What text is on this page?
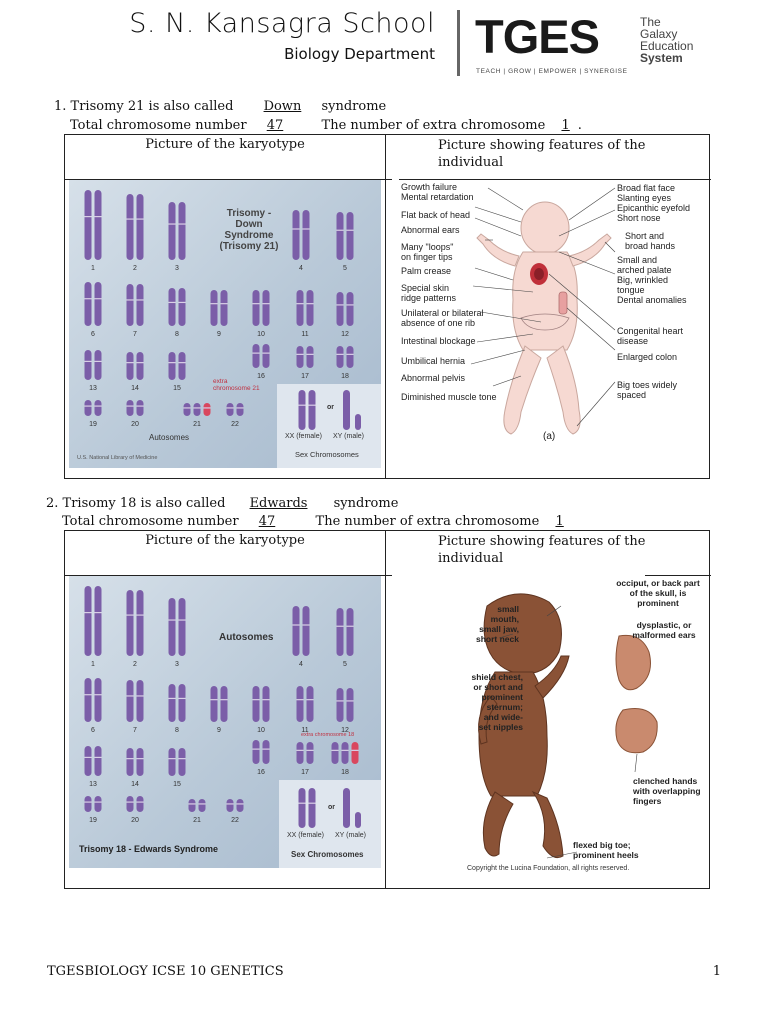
S. N. Kansagra School
Biology Department TGES	The
Galaxy
Education
System
TEACH | GROW | EMPOWER | SYNERGISE
1. Trisomy 21 is also called Down syndrome
Total chromosome number 47	The number of extra chromosome 1 .
Picture of the karyotype	Picture showing features of the
individual
1	2	3	4	5
6	7	8	9	10	11	12
13	14	15
16	17	18
19	20	21	22
Trisomy -
Down
Syndrome
(Trisomy 21)
extra
chromosome 21
Autosomes
U.S. National Library of Medicine
XX (female) XY (male)
or
Sex Chromosomes
Growth failure
Mental retardation
Flat back of head
Abnormal ears
Many "loops"
on finger tips
Palm crease
Special skin
ridge patterns
Unilateral or bilateral
absence of one rib
Intestinal blockage
Umbilical hernia
Abnormal pelvis
Diminished muscle tone
Broad flat face
Slanting eyes
Epicanthic eyefold
Short nose
Short and
broad hands
Small and
arched palate
Big, wrinkled
tongue
Dental anomalies
Congenital heart
disease
Enlarged colon
Big toes widely
spaced
(a)
2. Trisomy 18 is also called Edwards syndrome
Total chromosome number 47	The number of extra chromosome 1
Picture of the karyotype	Picture showing features of the
individual
1	2	3	4	5
6	7	8	9	10	11	12
13	14	15
16	17	18
19	20	21	22
Autosomes
extra chromosome 18
Trisomy 18 - Edwards Syndrome
XX (female) XY (male)
or
Sex Chromosomes
occiput, or back part
of the skull, is
prominent
small
mouth,
small jaw,
short neck
dysplastic, or
malformed ears
shield chest,
or short and
prominent
sternum;
and wide-
set nipples
clenched hands
with overlapping
fingers
flexed big toe;
prominent heels
Copyright the Lucina Foundation, all rights reserved.
TGESBIOLOGY ICSE 10 GENETICS	1
